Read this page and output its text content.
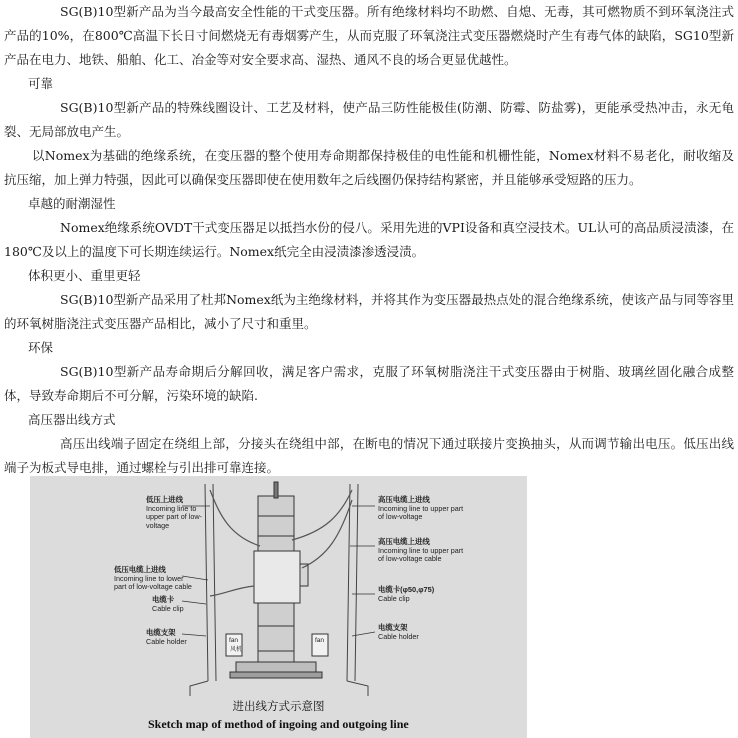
SG(B)10型新产品为当今最高安全性能的干式变压器。所有绝缘材料均不助燃、自熄、无毒，其可燃物质不到环氧浇注式产品的10%，在800℃高温下长日寸间燃烧无有毒烟雾产生，从而克服了环氧浇注式变压器燃烧时产生有毒气体的缺陷，SG10型新产品在电力、地铁、船舶、化工、冶金等对安全要求高、湿热、通风不良的场合更显优越性。

可靠

SG(B)10型新产品的特殊线圈设计、工艺及材料，使产品三防性能极佳(防潮、防霉、防盐雾)，更能承受热冲击，永无龟裂、无局部放电产生。

以Nomex为基础的绝缘系统，在变压器的整个使用寿命期都保持极佳的电性能和机栅性能，Nomex材料不易老化，耐收缩及抗压缩，加上弹力特强，因此可以确保变压器即使在使用数年之后线圈仍保持结构紧密，并且能够承受短路的压力。

卓越的耐潮湿性

Nomex绝缘系统OVDT干式变压器足以抵挡水份的侵八。采用先进的VPI设备和真空浸技术。UL认可的高品质浸渍漆，在180℃及以上的温度下可长期连续运行。Nomex纸完全由浸渍漆渗透浸渍。

体积更小、重里更轻

SG(B)10型新产品采用了杜邦Nomex纸为主绝缘材料，并将其作为变压器最热点处的混合绝缘系统，使该产品与同等容里的环氧树脂浇注式变压器产品相比，减小了尺寸和重里。

环保

SG(B)10型新产品寿命期后分解回收，满足客户需求，克服了环氧树脂浇注干式变压器由于树脂、玻璃丝固化融合成整体，导致寿命期后不可分解，污染环境的缺陷.

高压器出线方式

高压出线端子固定在绕组上部，分接头在绕组中部，在断电的情况下通过联接片变换抽头，从而调节输出电压。低压出线端子为板式导电排，通过螺栓与引出排可靠连接。

低压上进线
Incoming line to upper part of low-voltage
低压电缆上进线
Incoming line to lower part of low-voltage cable
电缆卡
Cable clip
电缆支架
Cable holder
高压电缆上进线
Incoming line to upper part of low-voltage
高压电缆上进线
Incoming line to upper part of low-voltage cable
电缆卡(φ50,φ75)
Cable clip
电缆支架
Cable holder
fan	fan
风机
进出线方式示意图
Sketch map of method of ingoing and outgoing line
